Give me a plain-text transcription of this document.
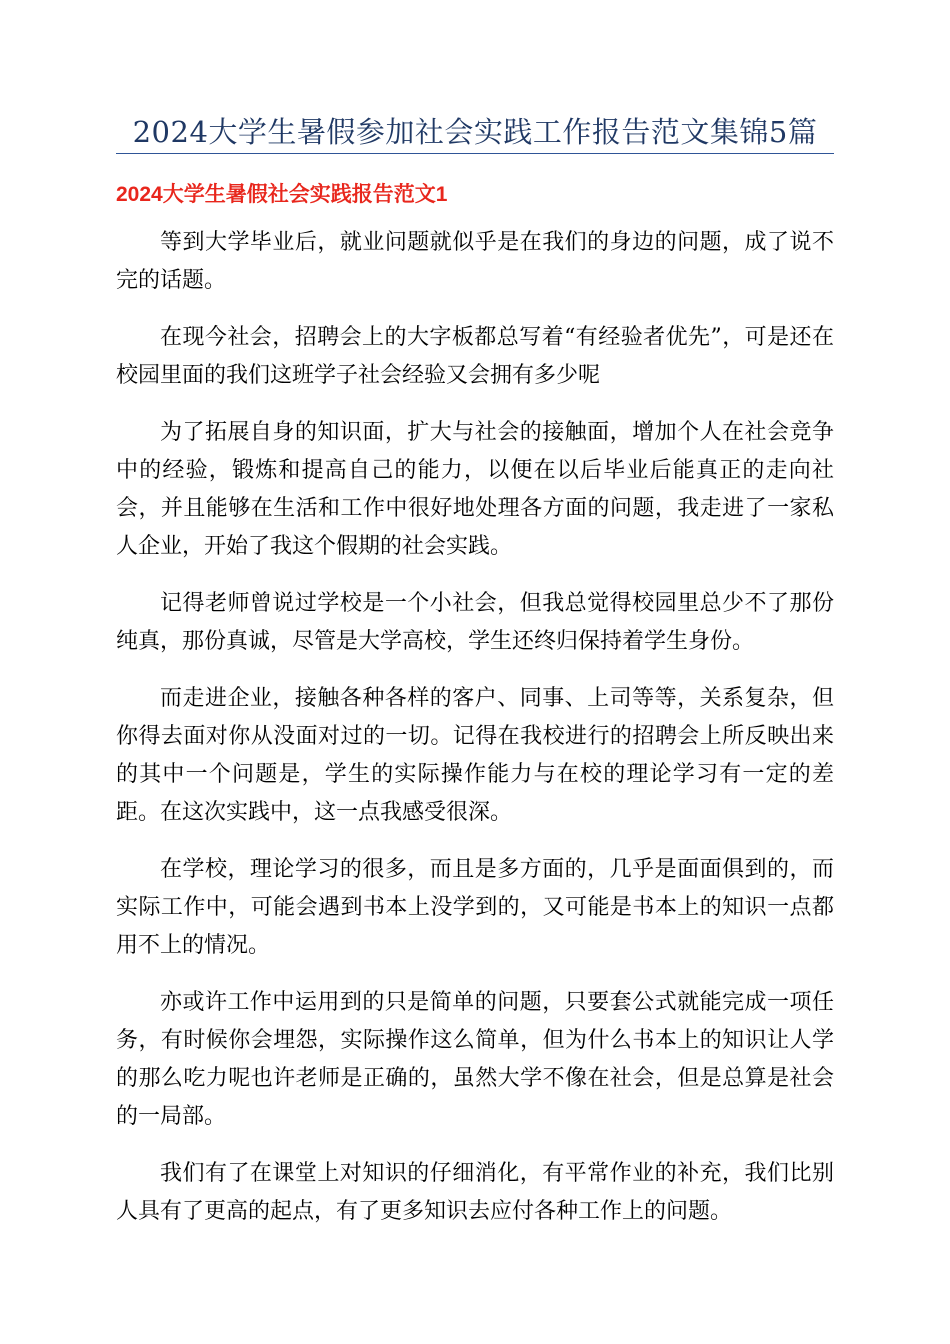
2024大学生暑假参加社会实践工作报告范文集锦5篇
2024大学生暑假社会实践报告范文1

等到大学毕业后，就业问题就似乎是在我们的身边的问题，成了说不完的话题。

在现今社会，招聘会上的大字板都总写着“有经验者优先”，可是还在校园里面的我们这班学子社会经验又会拥有多少呢

为了拓展自身的知识面，扩大与社会的接触面，增加个人在社会竞争中的经验，锻炼和提高自己的能力，以便在以后毕业后能真正的走向社会，并且能够在生活和工作中很好地处理各方面的问题，我走进了一家私人企业，开始了我这个假期的社会实践。

记得老师曾说过学校是一个小社会，但我总觉得校园里总少不了那份纯真，那份真诚，尽管是大学高校，学生还终归保持着学生身份。

而走进企业，接触各种各样的客户、同事、上司等等，关系复杂，但你得去面对你从没面对过的一切。记得在我校进行的招聘会上所反映出来的其中一个问题是，学生的实际操作能力与在校的理论学习有一定的差距。在这次实践中，这一点我感受很深。

在学校，理论学习的很多，而且是多方面的，几乎是面面俱到的，而实际工作中，可能会遇到书本上没学到的，又可能是书本上的知识一点都用不上的情况。

亦或许工作中运用到的只是简单的问题，只要套公式就能完成一项任务，有时候你会埋怨，实际操作这么简单，但为什么书本上的知识让人学的那么吃力呢也许老师是正确的，虽然大学不像在社会，但是总算是社会的一局部。

我们有了在课堂上对知识的仔细消化，有平常作业的补充，我们比别人具有了更高的起点，有了更多知识去应付各种工作上的问题。
